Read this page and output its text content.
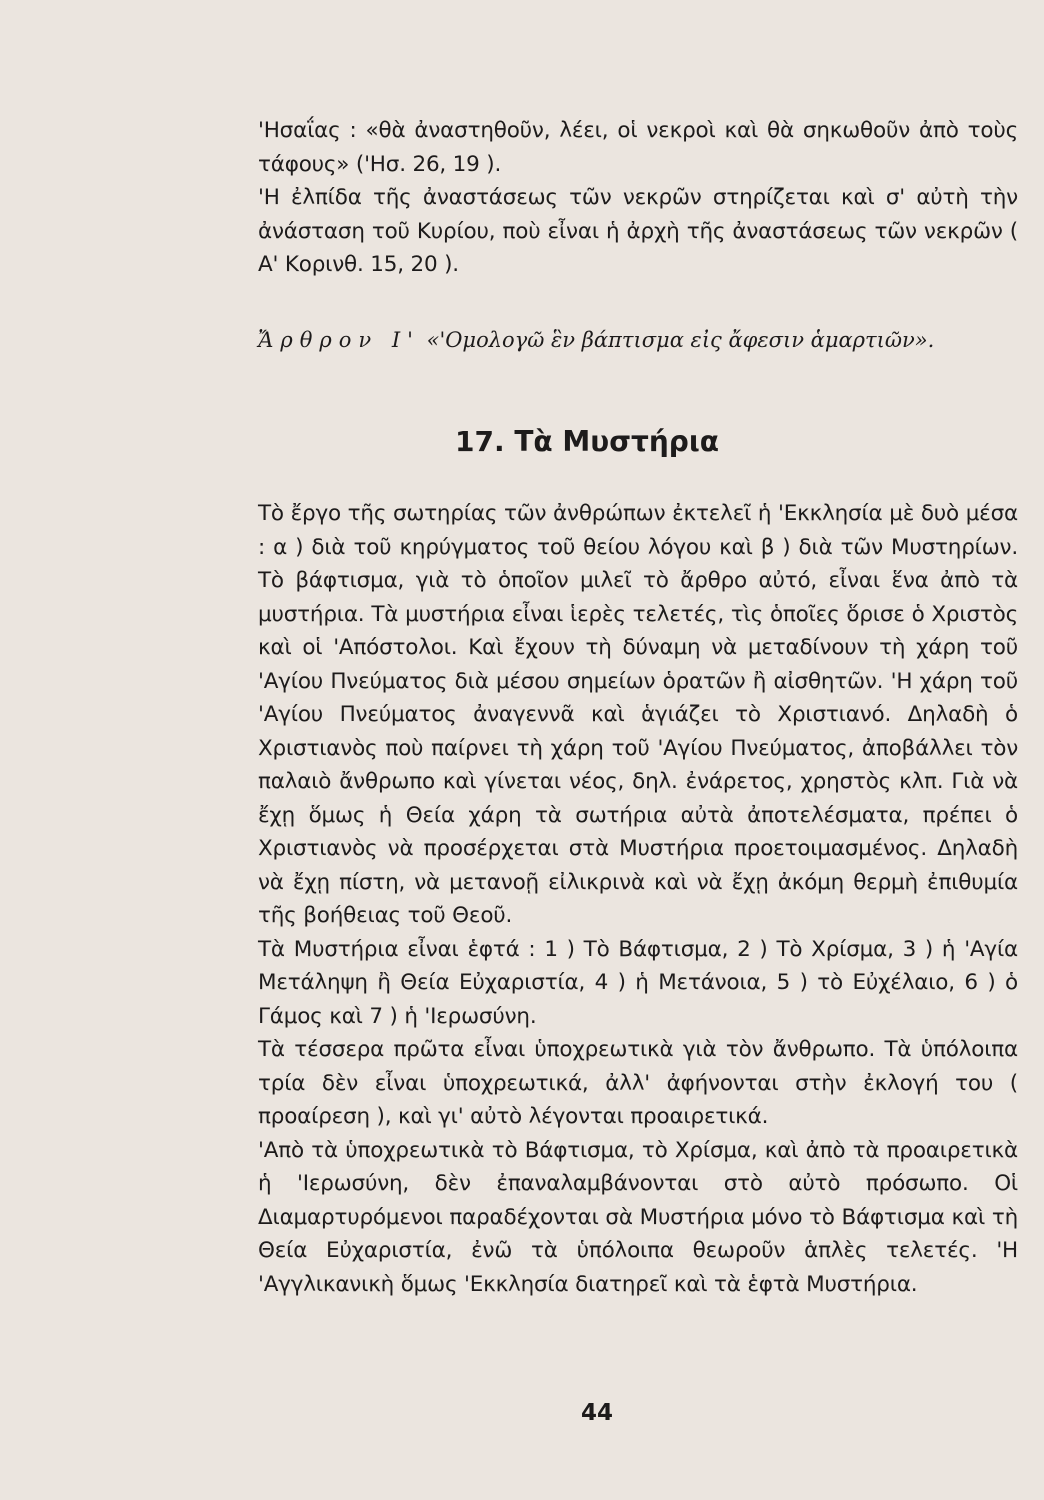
'Ησαΐας : «θὰ ἀναστηθοῦν, λέει, οἱ νεκροὶ καὶ θὰ σηκωθοῦν ἀπὸ τοὺς τάφους» ('Ησ. 26, 19 ).

'Η ἐλπίδα τῆς ἀναστάσεως τῶν νεκρῶν στηρίζεται καὶ σ' αὐτὴ τὴν ἀνάσταση τοῦ Κυρίου, ποὺ εἶναι ἡ ἀρχὴ τῆς ἀναστάσεως τῶν νεκρῶν ( Α' Κορινθ. 15, 20 ).

Ἄρθρον Ι' «'Ομολογῶ ἓν βάπτισμα εἰς ἄφεσιν ἁμαρτιῶν».
17. Τὰ Μυστήρια

Τὸ ἔργο τῆς σωτηρίας τῶν ἀνθρώπων ἐκτελεῖ ἡ 'Εκκλησία μὲ δυὸ μέσα : α ) διὰ τοῦ κηρύγματος τοῦ θείου λόγου καὶ β ) διὰ τῶν Μυστηρίων. Τὸ βάφτισμα, γιὰ τὸ ὁποῖον μιλεῖ τὸ ἄρθρο αὐτό, εἶναι ἕνα ἀπὸ τὰ μυστήρια. Τὰ μυστήρια εἶναι ἱερὲς τελετές, τὶς ὁποῖες ὅρισε ὁ Χριστὸς καὶ οἱ 'Απόστολοι. Καὶ ἔχουν τὴ δύναμη νὰ μεταδίνουν τὴ χάρη τοῦ 'Αγίου Πνεύματος διὰ μέσου σημείων ὁρατῶν ἢ αἰσθητῶν. 'Η χάρη τοῦ 'Αγίου Πνεύματος ἀναγεννᾶ καὶ ἁγιάζει τὸ Χριστιανό. Δηλαδὴ ὁ Χριστιανὸς ποὺ παίρνει τὴ χάρη τοῦ 'Αγίου Πνεύματος, ἀποβάλλει τὸν παλαιὸ ἄνθρωπο καὶ γίνεται νέος, δηλ. ἐνάρετος, χρηστὸς κλπ. Γιὰ νὰ ἔχῃ ὅμως ἡ Θεία χάρη τὰ σωτήρια αὐτὰ ἀποτελέσματα, πρέπει ὁ Χριστιανὸς νὰ προσέρχεται στὰ Μυστήρια προετοιμασμένος. Δηλαδὴ νὰ ἔχῃ πίστη, νὰ μετανοῇ εἰλικρινὰ καὶ νὰ ἔχῃ ἀκόμη θερμὴ ἐπιθυμία τῆς βοήθειας τοῦ Θεοῦ.

Τὰ Μυστήρια εἶναι ἑφτά : 1 ) Τὸ Βάφτισμα, 2 ) Τὸ Χρίσμα, 3 ) ἡ 'Αγία Μετάληψη ἢ Θεία Εὐχαριστία, 4 ) ἡ Μετάνοια, 5 ) τὸ Εὐχέλαιο, 6 ) ὁ Γάμος καὶ 7 ) ἡ 'Ιερωσύνη.

Τὰ τέσσερα πρῶτα εἶναι ὑποχρεωτικὰ γιὰ τὸν ἄνθρωπο. Τὰ ὑπόλοιπα τρία δὲν εἶναι ὑποχρεωτικά, ἀλλ' ἀφήνονται στὴν ἐκλογή του ( προαίρεση ), καὶ γι' αὐτὸ λέγονται προαιρετικά.

'Απὸ τὰ ὑποχρεωτικὰ τὸ Βάφτισμα, τὸ Χρίσμα, καὶ ἀπὸ τὰ προαιρετικὰ ἡ 'Ιερωσύνη, δὲν ἐπαναλαμβάνονται στὸ αὐτὸ πρόσωπο. Οἱ Διαμαρτυρόμενοι παραδέχονται σὰ Μυστήρια μόνο τὸ Βάφτισμα καὶ τὴ Θεία Εὐχαριστία, ἐνῶ τὰ ὑπόλοιπα θεωροῦν ἁπλὲς τελετές. 'Η 'Αγγλικανικὴ ὅμως 'Εκκλησία διατηρεῖ καὶ τὰ ἑφτὰ Μυστήρια.

44
